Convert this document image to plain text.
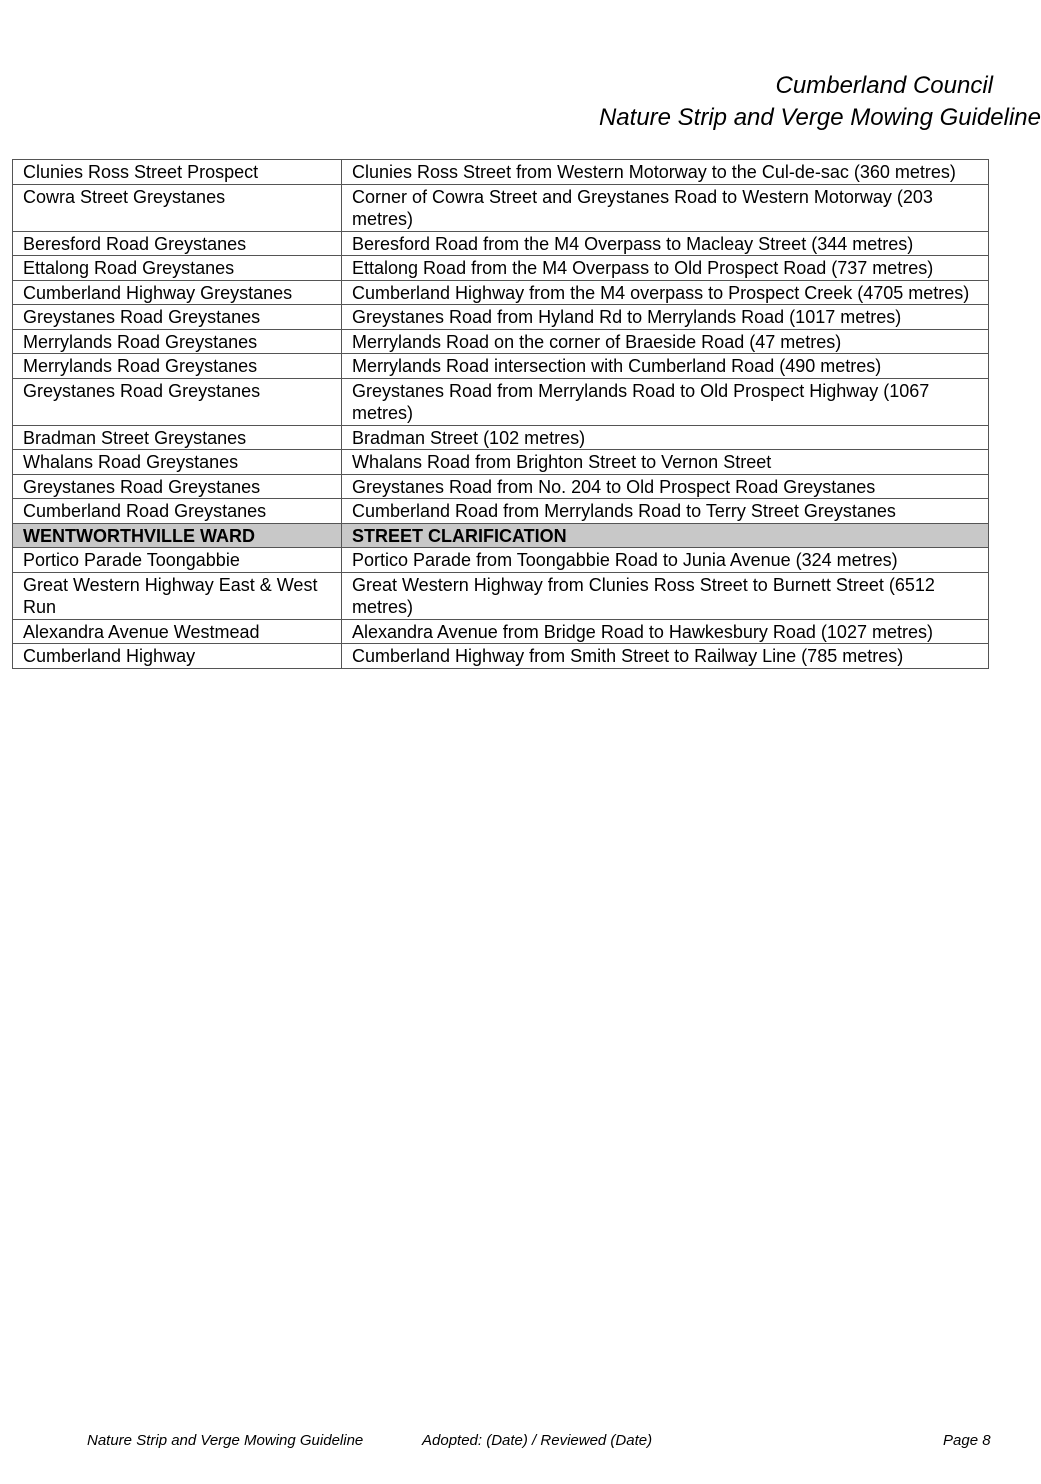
Cumberland Council
Nature Strip and Verge Mowing Guideline
Clunies Ross Street Prospect	Clunies Ross Street from Western Motorway to the Cul-de-sac (360 metres)
Cowra Street Greystanes	Corner of Cowra Street and Greystanes Road to Western Motorway (203 metres)
Beresford Road Greystanes	Beresford Road from the M4 Overpass to Macleay Street (344 metres)
Ettalong Road Greystanes	Ettalong Road from the M4 Overpass to Old Prospect Road (737 metres)
Cumberland Highway Greystanes	Cumberland Highway from the M4 overpass to Prospect Creek (4705 metres)
Greystanes Road Greystanes	Greystanes Road from Hyland Rd to Merrylands Road (1017 metres)
Merrylands Road Greystanes	Merrylands Road on the corner of Braeside Road (47 metres)
Merrylands Road Greystanes	Merrylands Road intersection with Cumberland Road (490 metres)
Greystanes Road Greystanes	Greystanes Road from Merrylands Road to Old Prospect Highway (1067 metres)
Bradman Street Greystanes	Bradman Street (102 metres)
Whalans Road Greystanes	Whalans Road from Brighton Street to Vernon Street
Greystanes Road Greystanes	Greystanes Road from No. 204 to Old Prospect Road Greystanes
Cumberland Road Greystanes	Cumberland Road from Merrylands Road to Terry Street Greystanes
WENTWORTHVILLE WARD	STREET CLARIFICATION
Portico Parade Toongabbie	Portico Parade from Toongabbie Road to Junia Avenue (324 metres)
Great Western Highway East & West Run	Great Western Highway from Clunies Ross Street to Burnett Street (6512 metres)
Alexandra Avenue Westmead	Alexandra Avenue from Bridge Road to Hawkesbury Road (1027 metres)
Cumberland Highway	Cumberland Highway from Smith Street to Railway Line (785 metres)
Nature Strip and Verge Mowing Guideline	Adopted: (Date) / Reviewed (Date)	Page 8
